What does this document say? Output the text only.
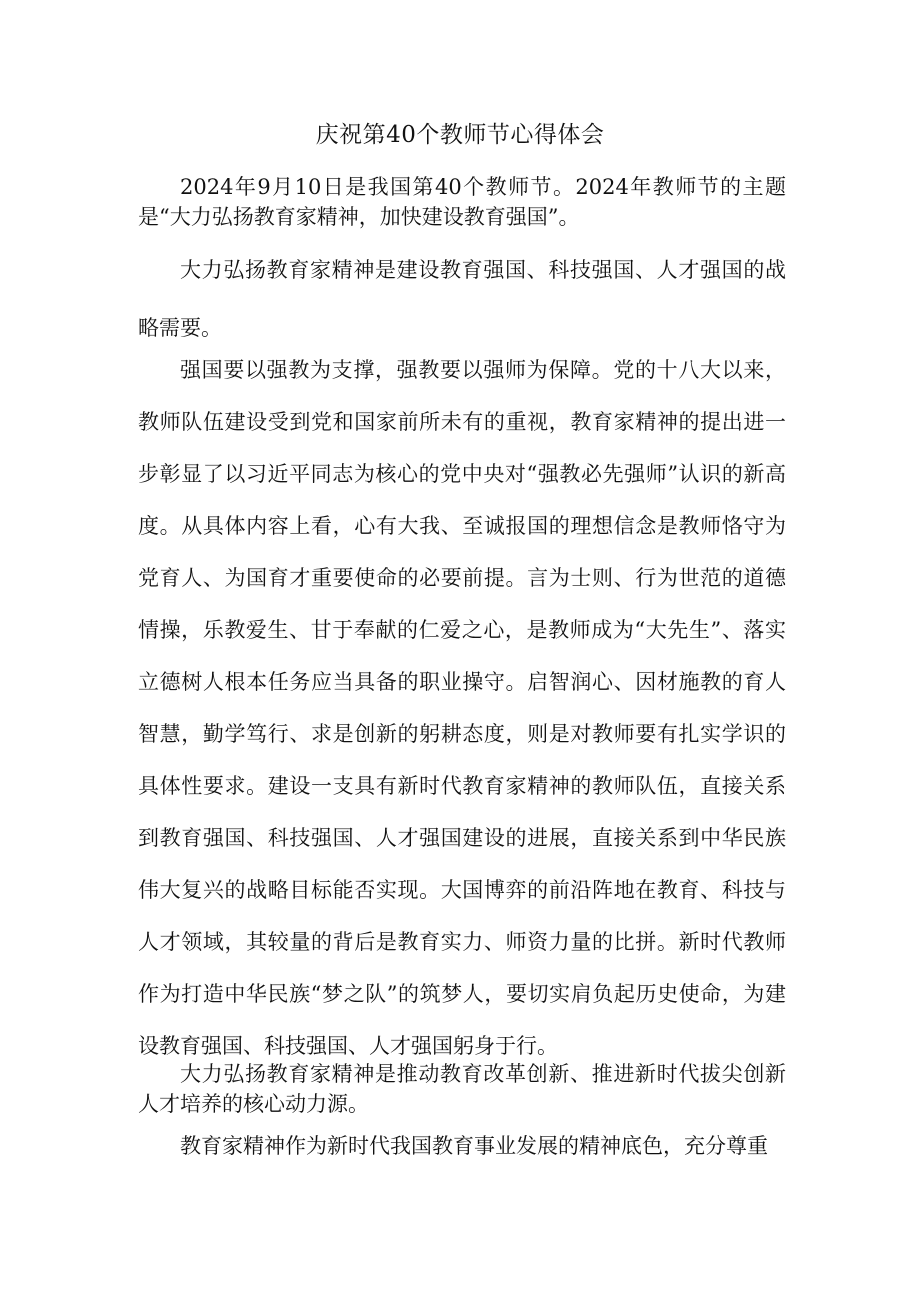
庆祝第40个教师节心得体会

2024年9月10日是我国第40个教师节。2024年教师节的主题是“大力弘扬教育家精神，加快建设教育强国”。

大力弘扬教育家精神是建设教育强国、科技强国、人才强国的战略需要。

强国要以强教为支撑，强教要以强师为保障。党的十八大以来，教师队伍建设受到党和国家前所未有的重视，教育家精神的提出进一步彰显了以习近平同志为核心的党中央对“强教必先强师”认识的新高度。从具体内容上看，心有大我、至诚报国的理想信念是教师恪守为党育人、为国育才重要使命的必要前提。言为士则、行为世范的道德情操，乐教爱生、甘于奉献的仁爱之心，是教师成为“大先生”、落实立德树人根本任务应当具备的职业操守。启智润心、因材施教的育人智慧，勤学笃行、求是创新的躬耕态度，则是对教师要有扎实学识的具体性要求。建设一支具有新时代教育家精神的教师队伍，直接关系到教育强国、科技强国、人才强国建设的进展，直接关系到中华民族伟大复兴的战略目标能否实现。大国博弈的前沿阵地在教育、科技与人才领域，其较量的背后是教育实力、师资力量的比拼。新时代教师作为打造中华民族“梦之队”的筑梦人，要切实肩负起历史使命，为建设教育强国、科技强国、人才强国躬身于行。

大力弘扬教育家精神是推动教育改革创新、推进新时代拔尖创新人才培养的核心动力源。

教育家精神作为新时代我国教育事业发展的精神底色，充分尊重
